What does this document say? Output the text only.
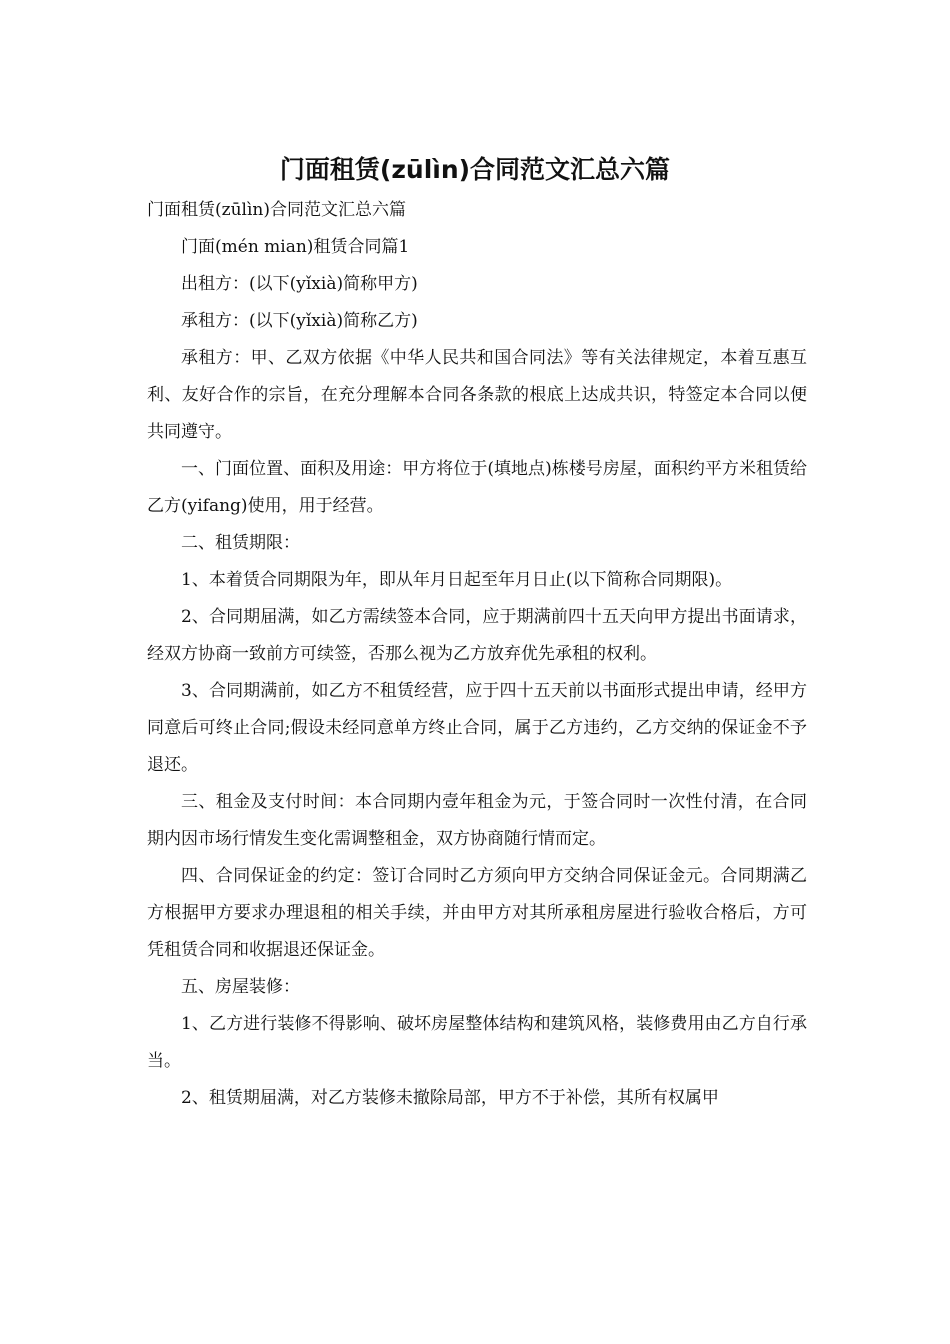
门面租赁(zūlìn)合同范文汇总六篇

门面租赁(zūlìn)合同范文汇总六篇

门面(mén mian)租赁合同篇1

出租方：(以下(yǐxià)简称甲方)

承租方：(以下(yǐxià)简称乙方)

承租方：甲、乙双方依据《中华人民共和国合同法》等有关法律规定，本着互惠互利、友好合作的宗旨，在充分理解本合同各条款的根底上达成共识，特签定本合同以便共同遵守。

一、门面位置、面积及用途：甲方将位于(填地点)栋楼号房屋，面积约平方米租赁给乙方(yifang)使用，用于经营。

二、租赁期限：

1、本着赁合同期限为年，即从年月日起至年月日止(以下简称合同期限)。

2、合同期届满，如乙方需续签本合同，应于期满前四十五天向甲方提出书面请求，经双方协商一致前方可续签，否那么视为乙方放弃优先承租的权利。

3、合同期满前，如乙方不租赁经营，应于四十五天前以书面形式提出申请，经甲方同意后可终止合同;假设未经同意单方终止合同，属于乙方违约，乙方交纳的保证金不予退还。

三、租金及支付时间：本合同期内壹年租金为元，于签合同时一次性付清，在合同期内因市场行情发生变化需调整租金，双方协商随行情而定。

四、合同保证金的约定：签订合同时乙方须向甲方交纳合同保证金元。合同期满乙方根据甲方要求办理退租的相关手续，并由甲方对其所承租房屋进行验收合格后，方可凭租赁合同和收据退还保证金。

五、房屋装修：

1、乙方进行装修不得影响、破坏房屋整体结构和建筑风格，装修费用由乙方自行承当。

2、租赁期届满，对乙方装修未撤除局部，甲方不于补偿，其所有权属甲
